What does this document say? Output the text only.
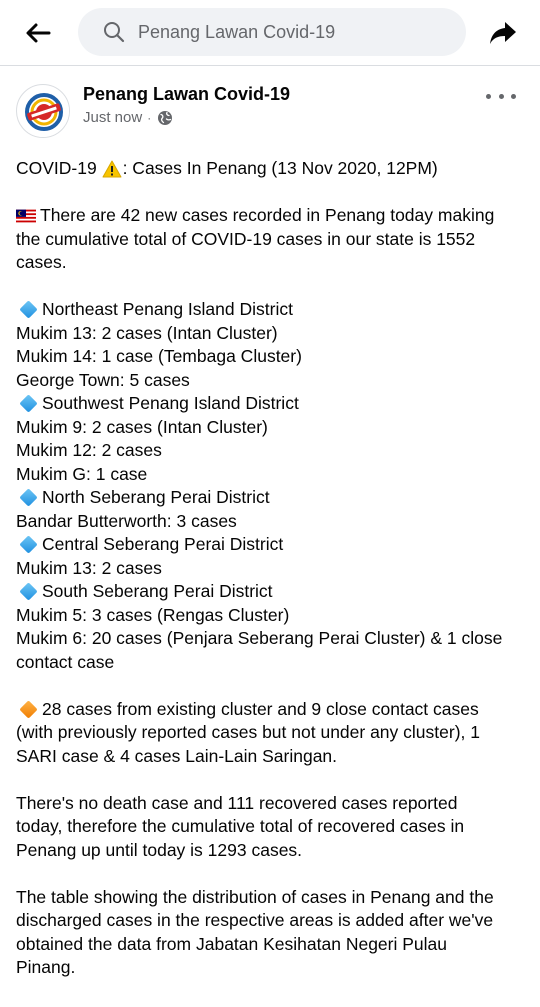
Penang Lawan Covid-19
Penang Lawan Covid-19
Just now ·
COVID-19 : Cases In Penang (13 Nov 2020, 12PM)
There are 42 new cases recorded in Penang today making
the cumulative total of COVID-19 cases in our state is 1552
cases.
Northeast Penang Island District
Mukim 13: 2 cases (Intan Cluster)
Mukim 14: 1 case (Tembaga Cluster)
George Town: 5 cases
Southwest Penang Island District
Mukim 9: 2 cases (Intan Cluster)
Mukim 12: 2 cases
Mukim G: 1 case
North Seberang Perai District
Bandar Butterworth: 3 cases
Central Seberang Perai District
Mukim 13: 2 cases
South Seberang Perai District
Mukim 5: 3 cases (Rengas Cluster)
Mukim 6: 20 cases (Penjara Seberang Perai Cluster) & 1 close
contact case
28 cases from existing cluster and 9 close contact cases
(with previously reported cases but not under any cluster), 1
SARI case & 4 cases Lain-Lain Saringan.
There's no death case and 111 recovered cases reported
today, therefore the cumulative total of recovered cases in
Penang up until today is 1293 cases.
The table showing the distribution of cases in Penang and the
discharged cases in the respective areas is added after we've
obtained the data from Jabatan Kesihatan Negeri Pulau
Pinang.
